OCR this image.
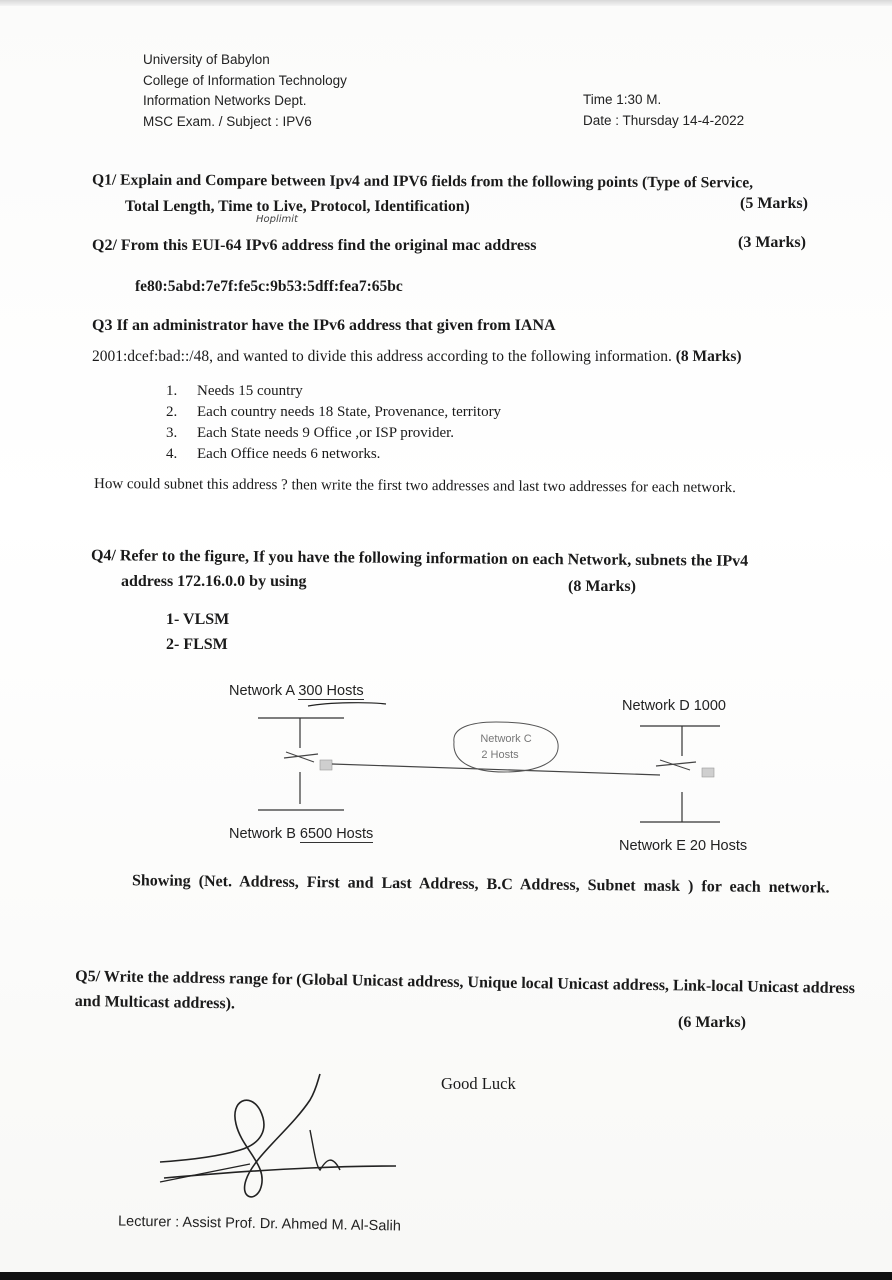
University of Babylon
College of Information Technology
Information Networks Dept.
MSC Exam. / Subject : IPV6
Time 1:30 M.
Date : Thursday 14-4-2022
Q1/ Explain and Compare between Ipv4 and IPV6 fields from the following points (Type of Service,
Total Length, Time to Live, Protocol, Identification)	(5 Marks)
Hoplimit
Q2/ From this EUI-64 IPv6 address find the original mac address	(3 Marks)
fe80:5abd:7e7f:fe5c:9b53:5dff:fea7:65bc
Q3 If an administrator have the IPv6 address that given from IANA
2001:dcef:bad::/48, and wanted to divide this address according to the following information. (8 Marks)
1. Needs 15 country
2. Each country needs 18 State, Provenance, territory
3. Each State needs 9 Office ,or ISP provider.
4. Each Office needs 6 networks.
How could subnet this address ? then write the first two addresses and last two addresses for each network.
Q4/ Refer to the figure, If you have the following information on each Network, subnets the IPv4
address 172.16.0.0 by using	(8 Marks)
1- VLSM
2- FLSM
Network C
2 Hosts
Network A 300 Hosts
Network D 1000
Network B 6500 Hosts
Network E 20 Hosts
Showing (Net. Address, First and Last Address, B.C Address, Subnet mask ) for each network.
Q5/ Write the address range for (Global Unicast address, Unique local Unicast address, Link-local Unicast address and Multicast address).
(6 Marks)
Good Luck
Lecturer : Assist Prof. Dr. Ahmed M. Al-Salih
